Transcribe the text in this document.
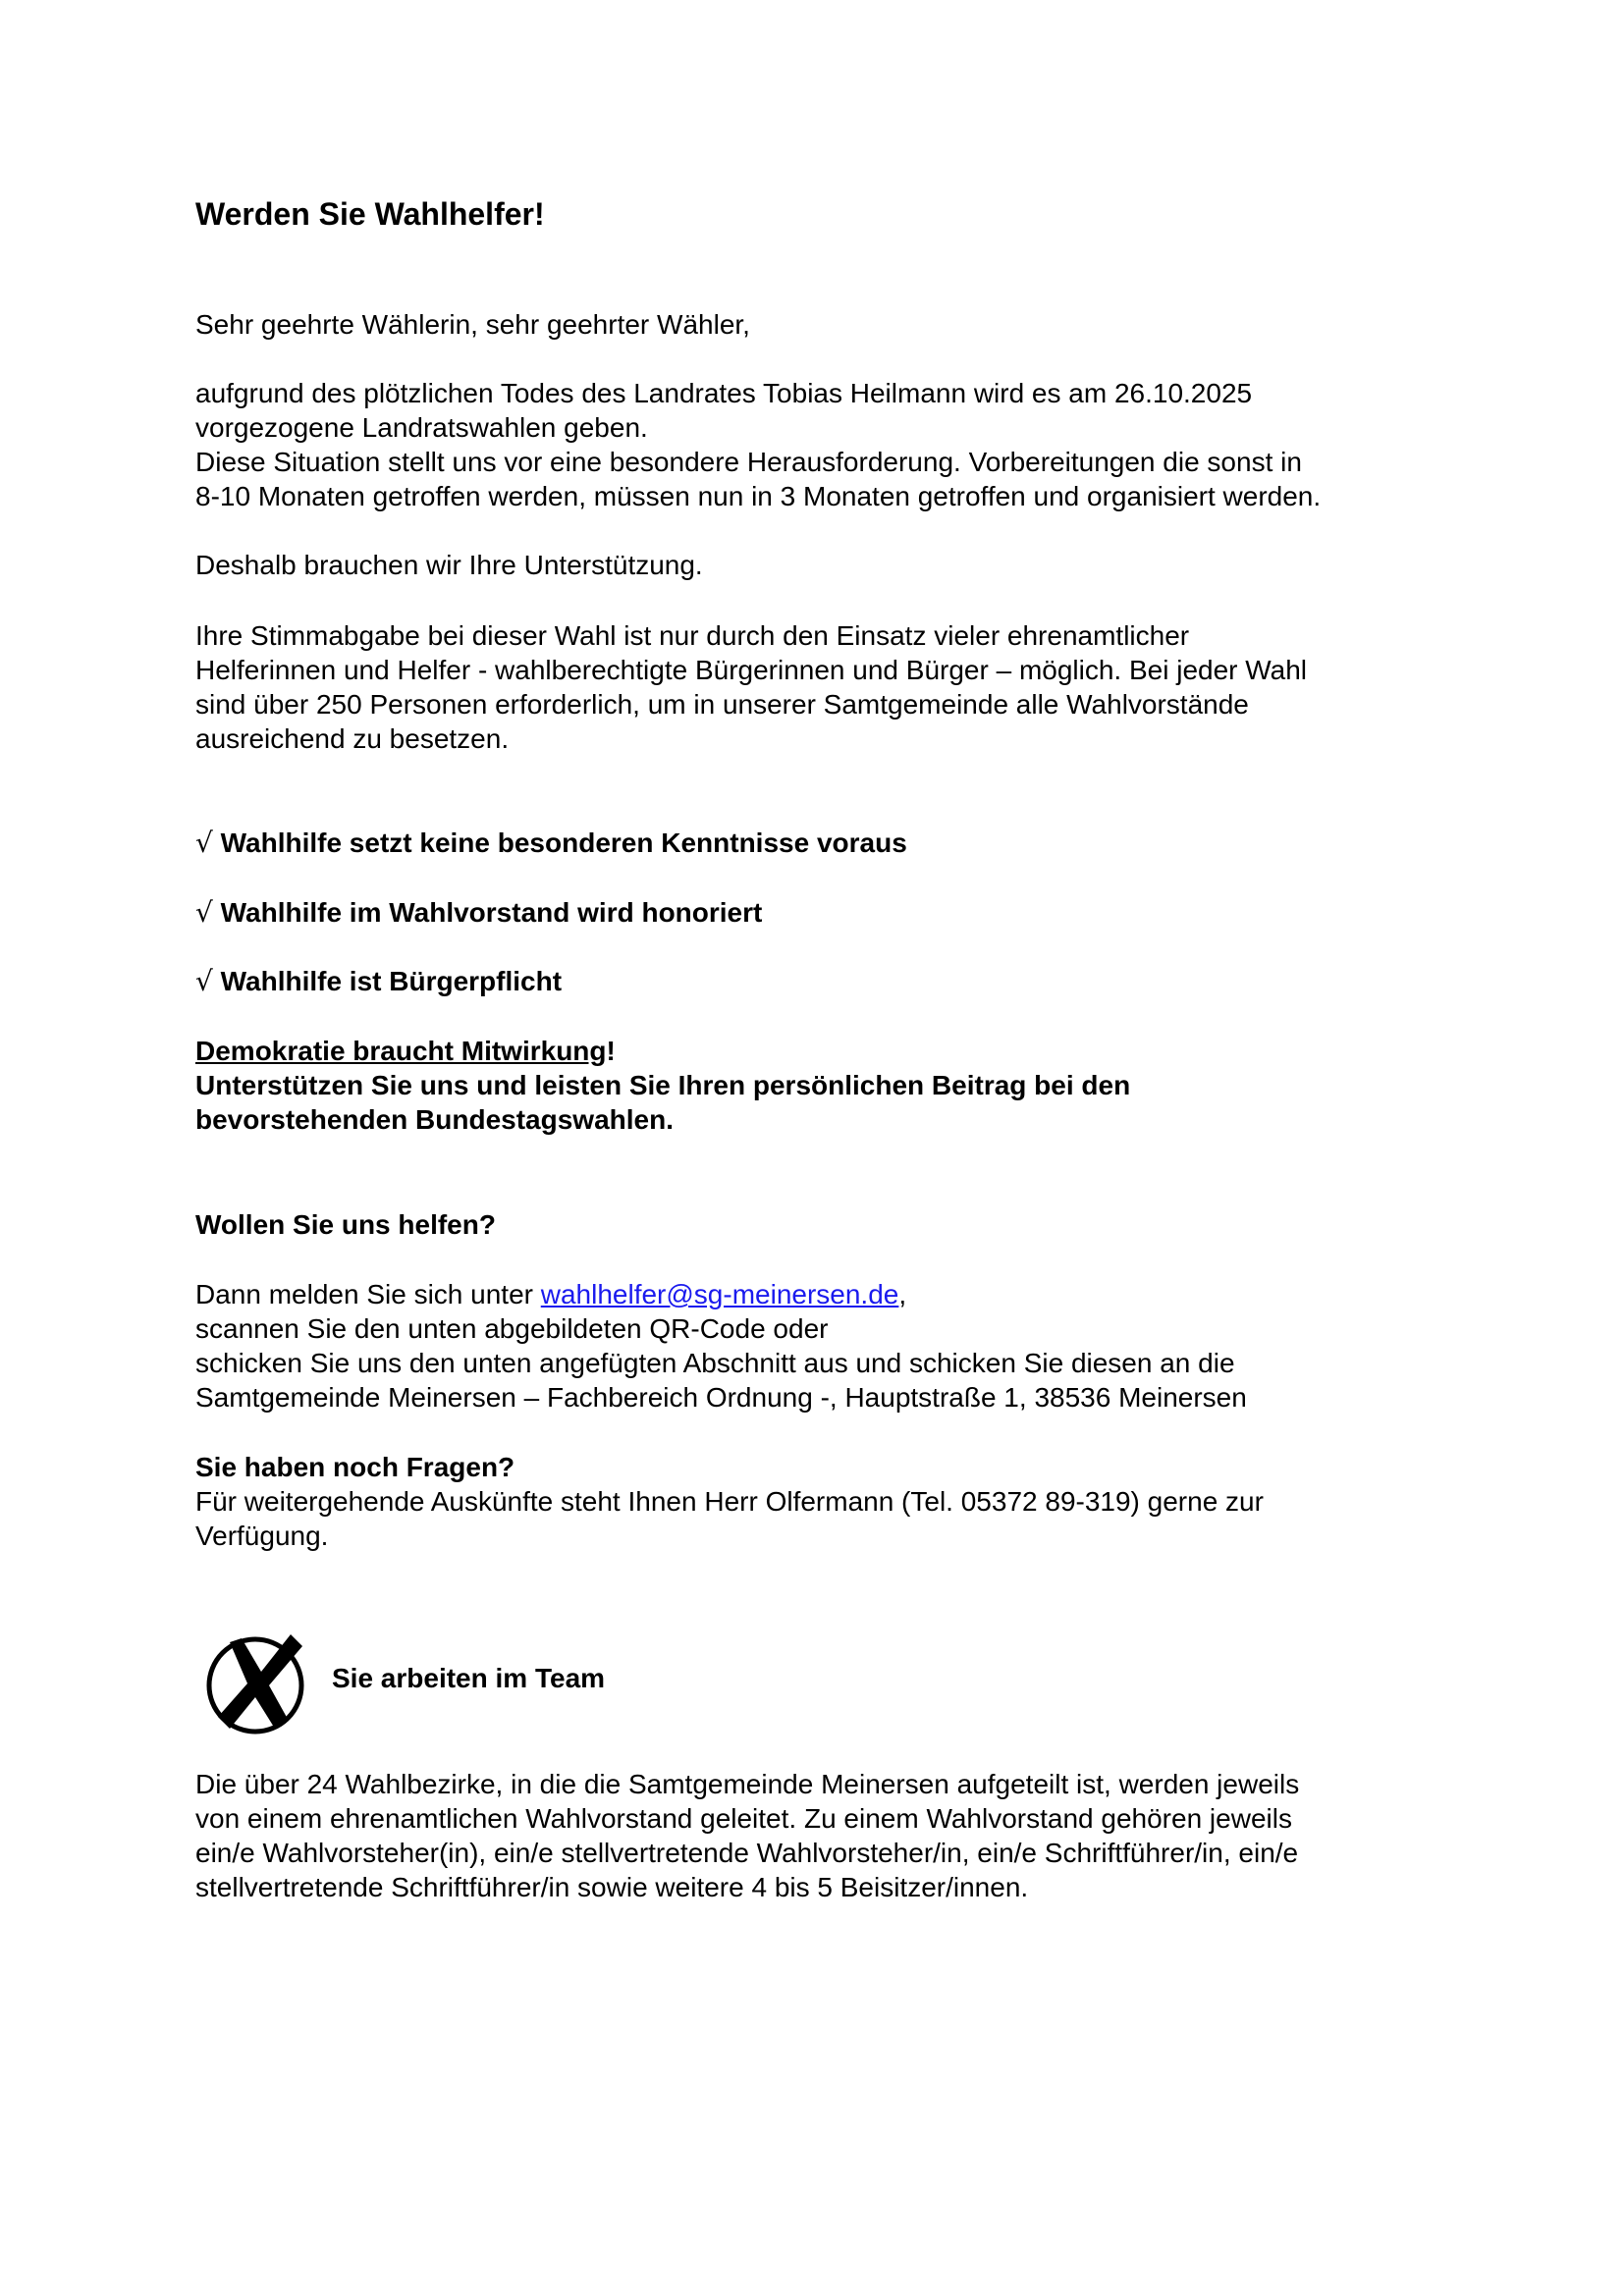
Werden Sie Wahlhelfer!

Sehr geehrte Wählerin, sehr geehrter Wähler,

aufgrund des plötzlichen Todes des Landrates Tobias Heilmann wird es am 26.10.2025

vorgezogene Landratswahlen geben.

Diese Situation stellt uns vor eine besondere Herausforderung. Vorbereitungen die sonst in

8-10 Monaten getroffen werden, müssen nun in 3 Monaten getroffen und organisiert werden.

Deshalb brauchen wir Ihre Unterstützung.

Ihre Stimmabgabe bei dieser Wahl ist nur durch den Einsatz vieler ehrenamtlicher

Helferinnen und Helfer - wahlberechtigte Bürgerinnen und Bürger – möglich. Bei jeder Wahl

sind über 250 Personen erforderlich, um in unserer Samtgemeinde alle Wahlvorstände

ausreichend zu besetzen.

√ Wahlhilfe setzt keine besonderen Kenntnisse voraus

√ Wahlhilfe im Wahlvorstand wird honoriert

√ Wahlhilfe ist Bürgerpflicht

Demokratie braucht Mitwirkung!

Unterstützen Sie uns und leisten Sie Ihren persönlichen Beitrag bei den

bevorstehenden Bundestagswahlen.

Wollen Sie uns helfen?

Dann melden Sie sich unter wahlhelfer@sg-meinersen.de,

scannen Sie den unten abgebildeten QR-Code oder

schicken Sie uns den unten angefügten Abschnitt aus und schicken Sie diesen an die

Samtgemeinde Meinersen – Fachbereich Ordnung -, Hauptstraße 1, 38536 Meinersen

Sie haben noch Fragen?

Für weitergehende Auskünfte steht Ihnen Herr Olfermann (Tel. 05372 89-319) gerne zur

Verfügung.

Sie arbeiten im Team

Die über 24 Wahlbezirke, in die die Samtgemeinde Meinersen aufgeteilt ist, werden jeweils

von einem ehrenamtlichen Wahlvorstand geleitet. Zu einem Wahlvorstand gehören jeweils

ein/e Wahlvorsteher(in), ein/e stellvertretende Wahlvorsteher/in, ein/e Schriftführer/in, ein/e

stellvertretende Schriftführer/in sowie weitere 4 bis 5 Beisitzer/innen.
